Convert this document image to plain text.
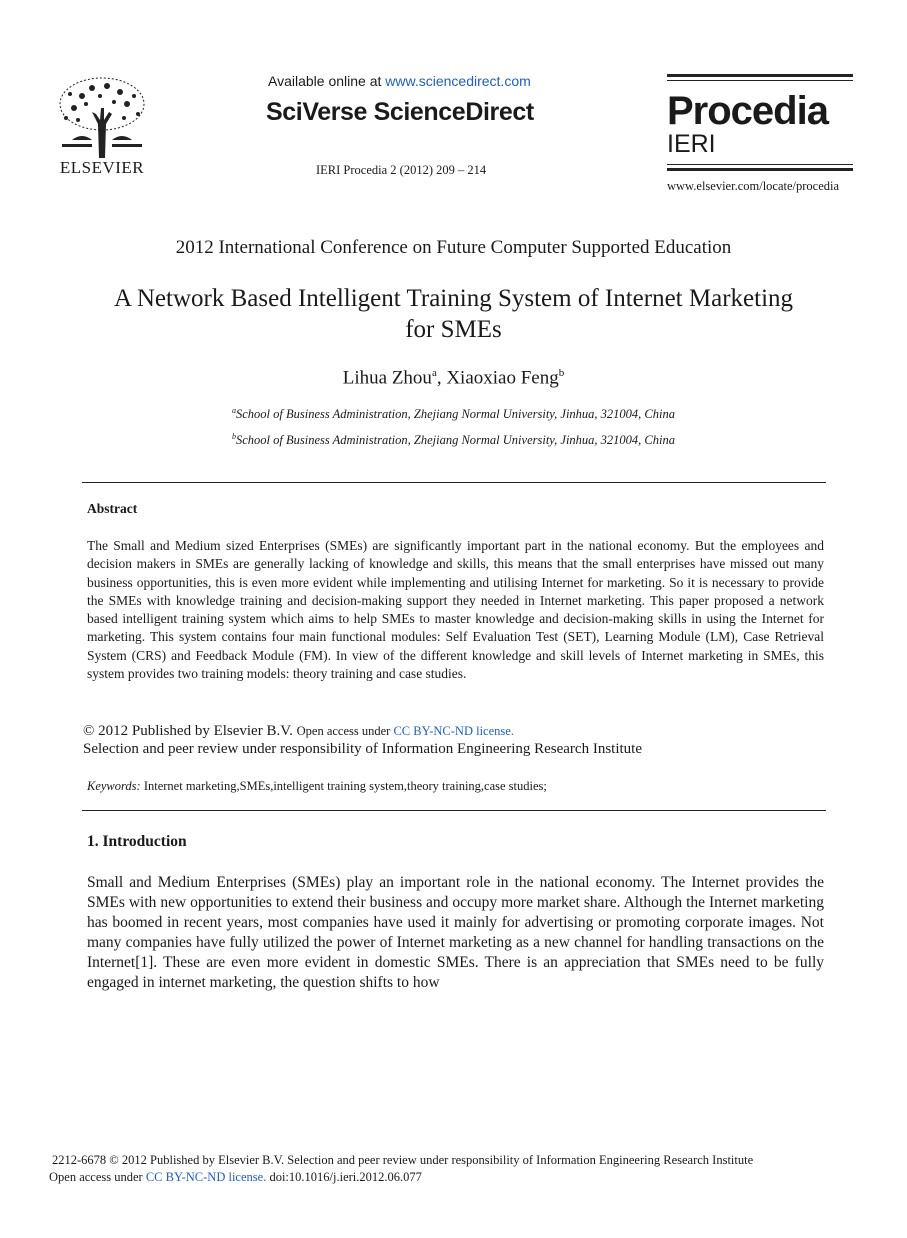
ELSEVIER
Available online at www.sciencedirect.com
SciVerse ScienceDirect
IERI Procedia 2 (2012) 209 – 214
Procedia
IERI
www.elsevier.com/locate/procedia
2012 International Conference on Future Computer Supported Education
A Network Based Intelligent Training System of Internet Marketing for SMEs
Lihua Zhou$^a$, Xiaoxiao Feng$^b$
$^a$School of Business Administration, Zhejiang Normal University, Jinhua, 321004, China
$^b$School of Business Administration, Zhejiang Normal University, Jinhua, 321004, China
Abstract
The Small and Medium sized Enterprises (SMEs) are significantly important part in the national economy. But the employees and decision makers in SMEs are generally lacking of knowledge and skills, this means that the small enterprises have missed out many business opportunities, this is even more evident while implementing and utilising Internet for marketing. So it is necessary to provide the SMEs with knowledge training and decision-making support they needed in Internet marketing. This paper proposed a network based intelligent training system which aims to help SMEs to master knowledge and decision-making skills in using the Internet for marketing. This system contains four main functional modules: Self Evaluation Test (SET), Learning Module (LM), Case Retrieval System (CRS) and Feedback Module (FM). In view of the different knowledge and skill levels of Internet marketing in SMEs, this system provides two training models: theory training and case studies.
© 2012 Published by Elsevier B.V. Open access under CC BY-NC-ND license.
Selection and peer review under responsibility of Information Engineering Research Institute
Keywords: Internet marketing,SMEs,intelligent training system,theory training,case studies;
1. Introduction
Small and Medium Enterprises (SMEs) play an important role in the national economy. The Internet provides the SMEs with new opportunities to extend their business and occupy more market share. Although the Internet marketing has boomed in recent years, most companies have used it mainly for advertising or promoting corporate images. Not many companies have fully utilized the power of Internet marketing as a new channel for handling transactions on the Internet[1]. These are even more evident in domestic SMEs. There is an appreciation that SMEs need to be fully engaged in internet marketing, the question shifts to how
2212-6678 © 2012 Published by Elsevier B.V. Selection and peer review under responsibility of Information Engineering Research Institute
Open access under CC BY-NC-ND license. doi:10.1016/j.ieri.2012.06.077
